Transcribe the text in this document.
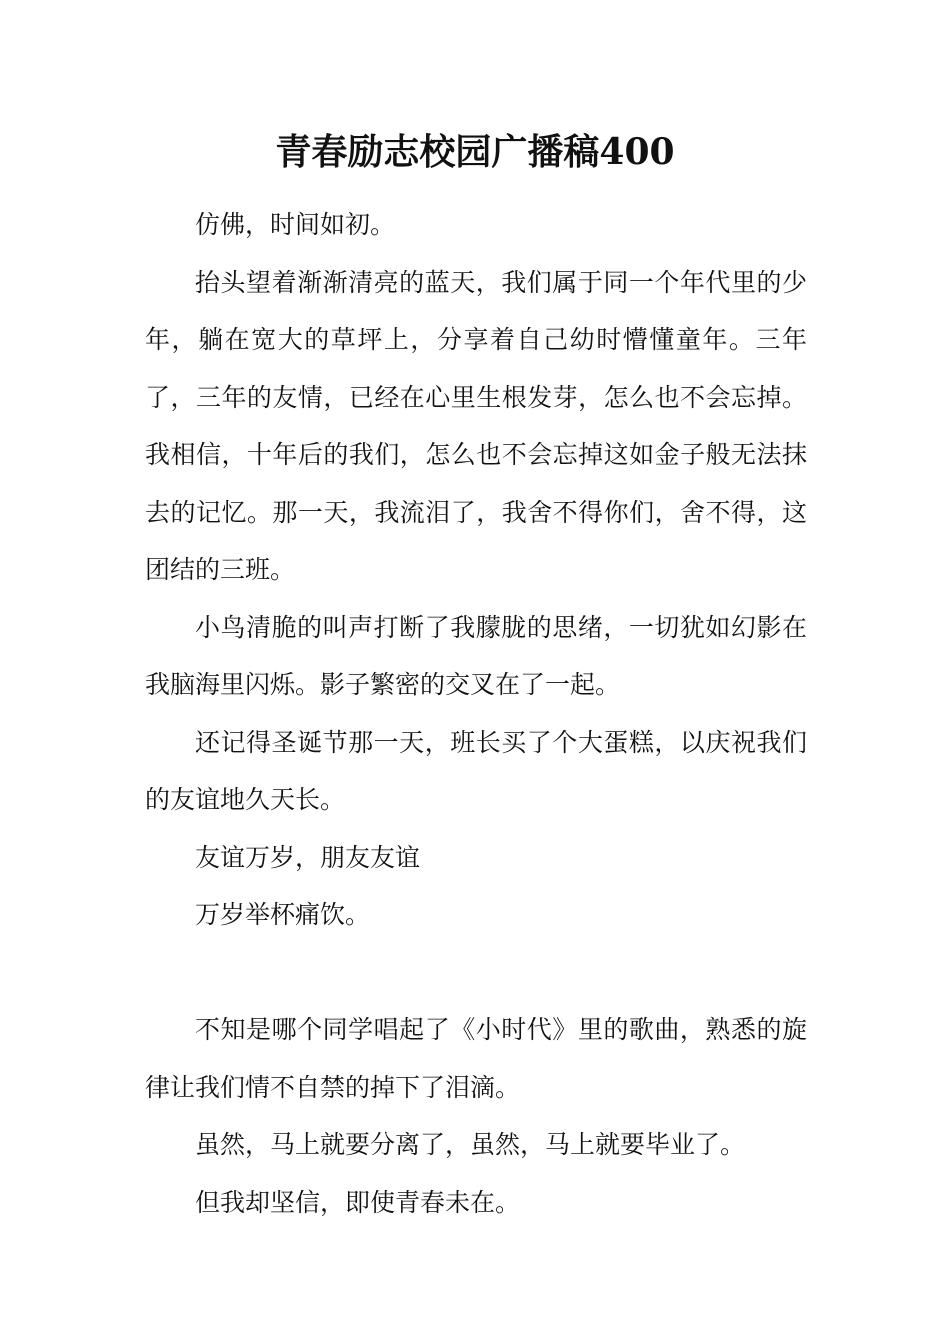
青春励志校园广播稿400

仿佛，时间如初。

抬头望着渐渐清亮的蓝天，我们属于同一个年代里的少年，躺在宽大的草坪上，分享着自己幼时懵懂童年。三年了，三年的友情，已经在心里生根发芽，怎么也不会忘掉。我相信，十年后的我们，怎么也不会忘掉这如金子般无法抹去的记忆。那一天，我流泪了，我舍不得你们，舍不得，这团结的三班。

小鸟清脆的叫声打断了我朦胧的思绪，一切犹如幻影在我脑海里闪烁。影子繁密的交叉在了一起。

还记得圣诞节那一天，班长买了个大蛋糕，以庆祝我们的友谊地久天长。

友谊万岁，朋友友谊

万岁举杯痛饮。

不知是哪个同学唱起了《小时代》里的歌曲，熟悉的旋律让我们情不自禁的掉下了泪滴。

虽然，马上就要分离了，虽然，马上就要毕业了。

但我却坚信，即使青春未在。
